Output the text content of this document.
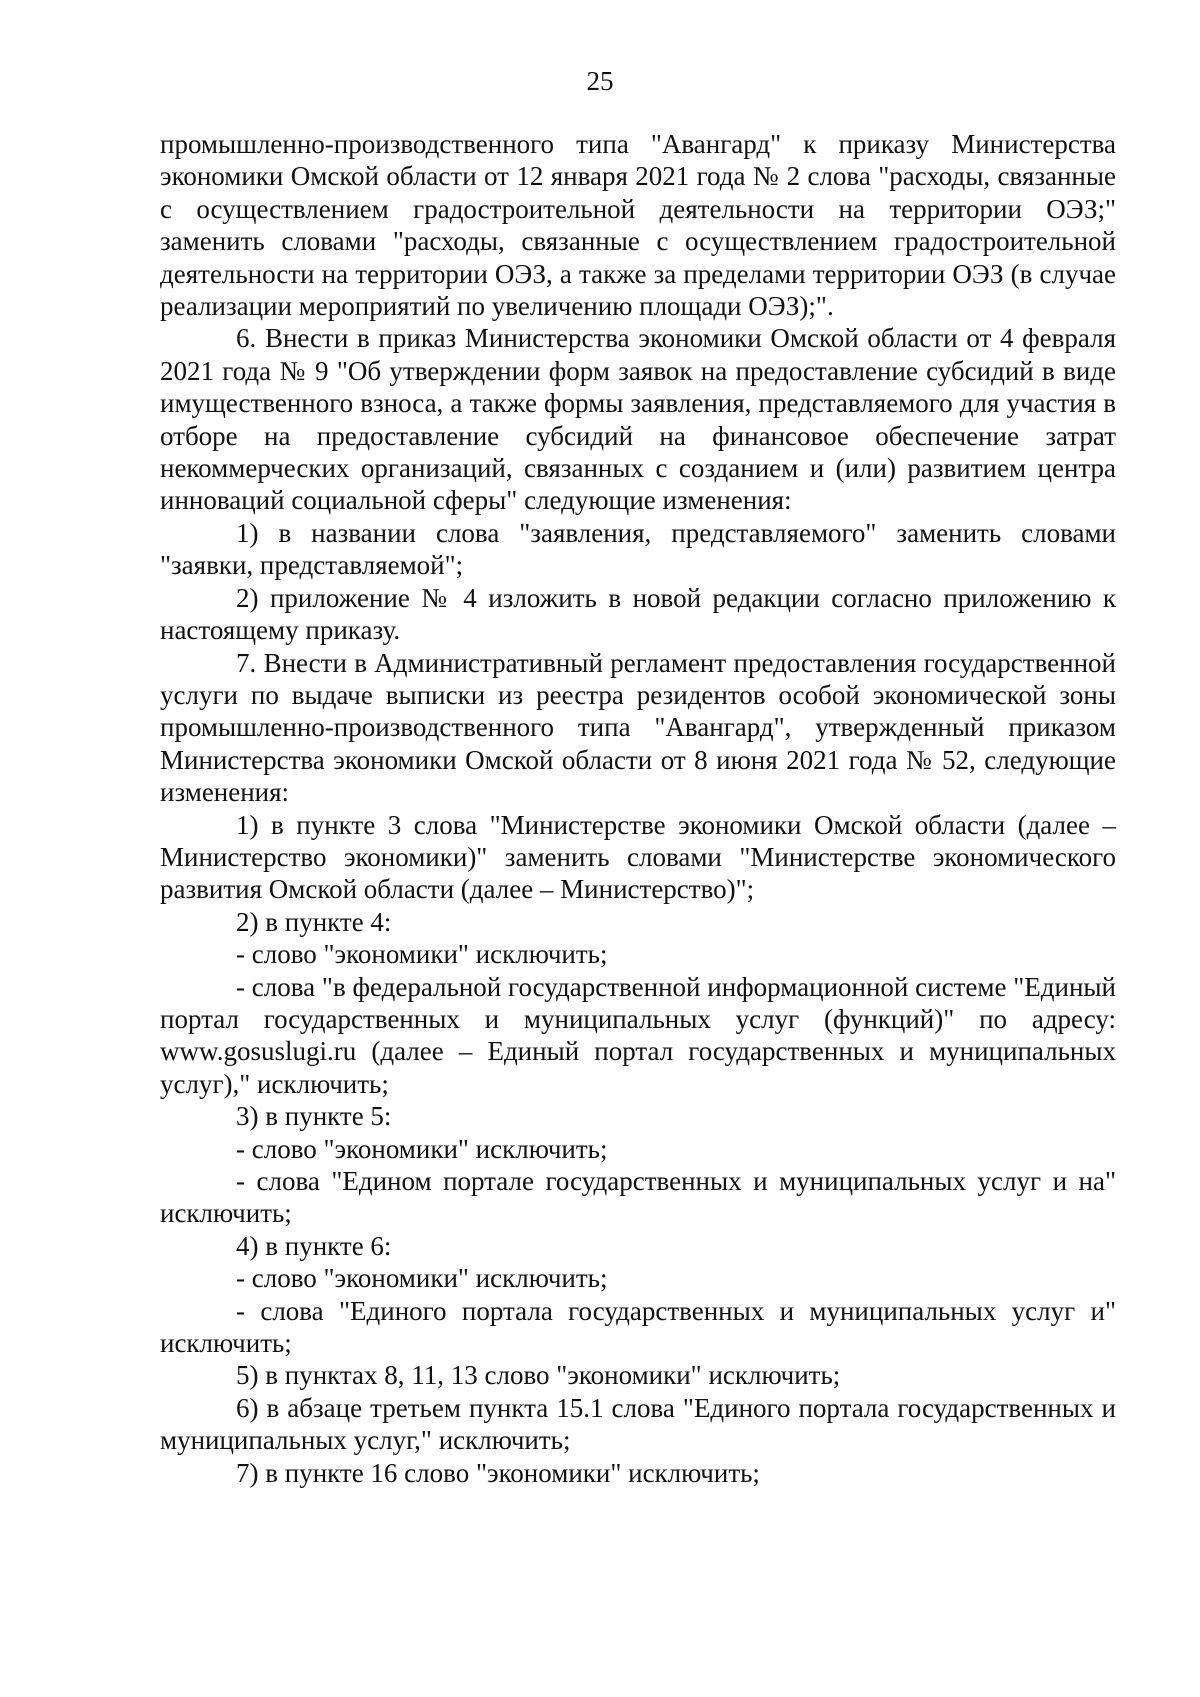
25

промышленно-производственного типа "Авангард" к приказу Министерства экономики Омской области от 12 января 2021 года № 2 слова "расходы, связанные с осуществлением градостроительной деятельности на территории ОЭЗ;" заменить словами "расходы, связанные с осуществлением градостроительной деятельности на территории ОЭЗ, а также за пределами территории ОЭЗ (в случае реализации мероприятий по увеличению площади ОЭЗ);".

6. Внести в приказ Министерства экономики Омской области от 4 февраля 2021 года № 9 "Об утверждении форм заявок на предоставление субсидий в виде имущественного взноса, а также формы заявления, представляемого для участия в отборе на предоставление субсидий на финансовое обеспечение затрат некоммерческих организаций, связанных с созданием и (или) развитием центра инноваций социальной сферы" следующие изменения:

1) в названии слова "заявления, представляемого" заменить словами "заявки, представляемой";

2) приложение № 4 изложить в новой редакции согласно приложению к настоящему приказу.

7. Внести в Административный регламент предоставления государственной услуги по выдаче выписки из реестра резидентов особой экономической зоны промышленно-производственного типа "Авангард", утвержденный приказом Министерства экономики Омской области от 8 июня 2021 года № 52, следующие изменения:

1) в пункте 3 слова "Министерстве экономики Омской области (далее – Министерство экономики)" заменить словами "Министерстве экономического развития Омской области (далее – Министерство)";

2) в пункте 4:

- слово "экономики" исключить;

- слова "в федеральной государственной информационной системе "Единый портал государственных и муниципальных услуг (функций)" по адресу: www.gosuslugi.ru (далее – Единый портал государственных и муниципальных услуг)," исключить;

3) в пункте 5:

- слово "экономики" исключить;

- слова "Едином портале государственных и муниципальных услуг и на" исключить;

4) в пункте 6:

- слово "экономики" исключить;

- слова "Единого портала государственных и муниципальных услуг и" исключить;

5) в пунктах 8, 11, 13 слово "экономики" исключить;

6) в абзаце третьем пункта 15.1 слова "Единого портала государственных и муниципальных услуг," исключить;

7) в пункте 16 слово "экономики" исключить;
